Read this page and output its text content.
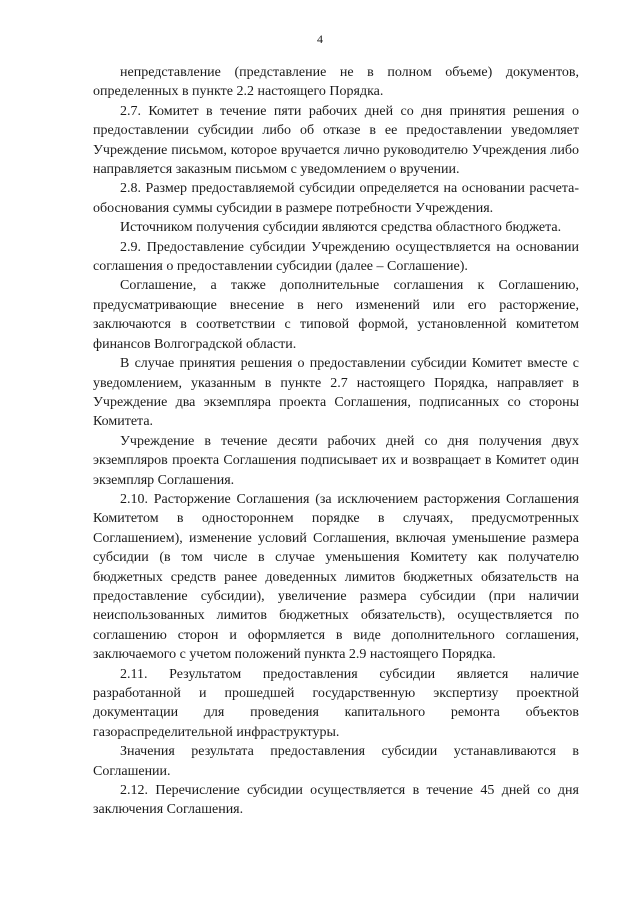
4

непредставление (представление не в полном объеме) документов, определенных в пункте 2.2 настоящего Порядка.

2.7. Комитет в течение пяти рабочих дней со дня принятия решения о предоставлении субсидии либо об отказе в ее предоставлении уведомляет Учреждение письмом, которое вручается лично руководителю Учреждения либо направляется заказным письмом с уведомлением о вручении.

2.8. Размер предоставляемой субсидии определяется на основании расчета-обоснования суммы субсидии в размере потребности Учреждения.

Источником получения субсидии являются средства областного бюджета.

2.9. Предоставление субсидии Учреждению осуществляется на основании соглашения о предоставлении субсидии (далее – Соглашение).

Соглашение, а также дополнительные соглашения к Соглашению, предусматривающие внесение в него изменений или его расторжение, заключаются в соответствии с типовой формой, установленной комитетом финансов Волгоградской области.

В случае принятия решения о предоставлении субсидии Комитет вместе с уведомлением, указанным в пункте 2.7 настоящего Порядка, направляет в Учреждение два экземпляра проекта Соглашения, подписанных со стороны Комитета.

Учреждение в течение десяти рабочих дней со дня получения двух экземпляров проекта Соглашения подписывает их и возвращает в Комитет один экземпляр Соглашения.

2.10. Расторжение Соглашения (за исключением расторжения Соглашения Комитетом в одностороннем порядке в случаях, предусмотренных Соглашением), изменение условий Соглашения, включая уменьшение размера субсидии (в том числе в случае уменьшения Комитету как получателю бюджетных средств ранее доведенных лимитов бюджетных обязательств на предоставление субсидии), увеличение размера субсидии (при наличии неиспользованных лимитов бюджетных обязательств), осуществляется по соглашению сторон и оформляется в виде дополнительного соглашения, заключаемого с учетом положений пункта 2.9 настоящего Порядка.

2.11. Результатом предоставления субсидии является наличие разработанной и прошедшей государственную экспертизу проектной документации для проведения капитального ремонта объектов газораспределительной инфраструктуры.

Значения результата предоставления субсидии устанавливаются в Соглашении.

2.12. Перечисление субсидии осуществляется в течение 45 дней со дня заключения Соглашения.
